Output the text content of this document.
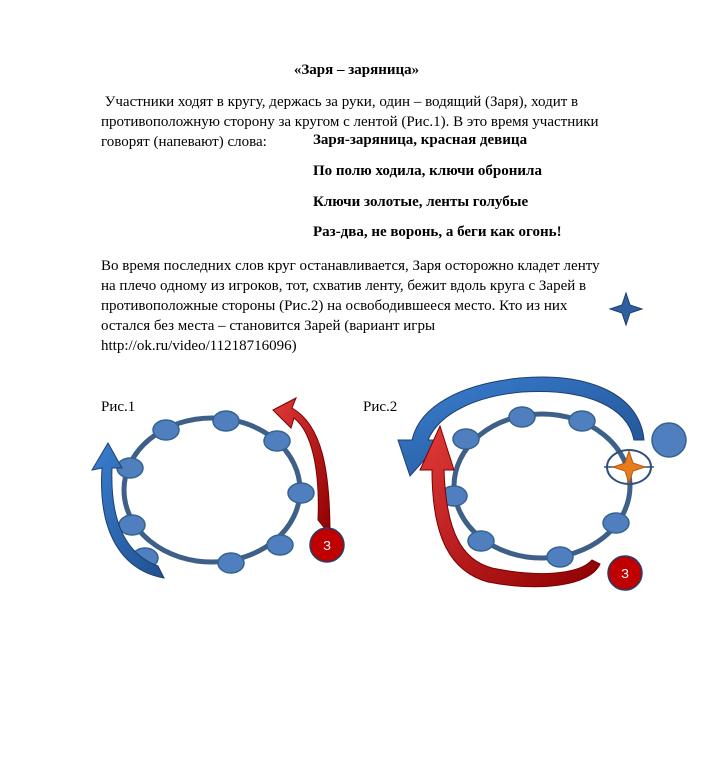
«Заря – заряница»
Участники ходят в кругу, держась за руки, один – водящий (Заря), ходит в
противоположную сторону за кругом с лентой (Рис.1). В это время участники
говорят (напевают) слова:	Заря-заряница, красная девица
По полю ходила, ключи обронила
Ключи золотые, ленты голубые
Раз-два, не воронь, а беги как огонь!
Во время последних слов круг останавливается, Заря осторожно кладет ленту
на плечо одному из игроков, тот, схватив ленту, бежит вдоль круга с Зарей в
противоположные стороны (Рис.2) на освободившееся место. Кто из них
остался без места – становится Зарей (вариант игры
http://ok.ru/video/11218716096)
Рис.1	Рис.2
З
З
